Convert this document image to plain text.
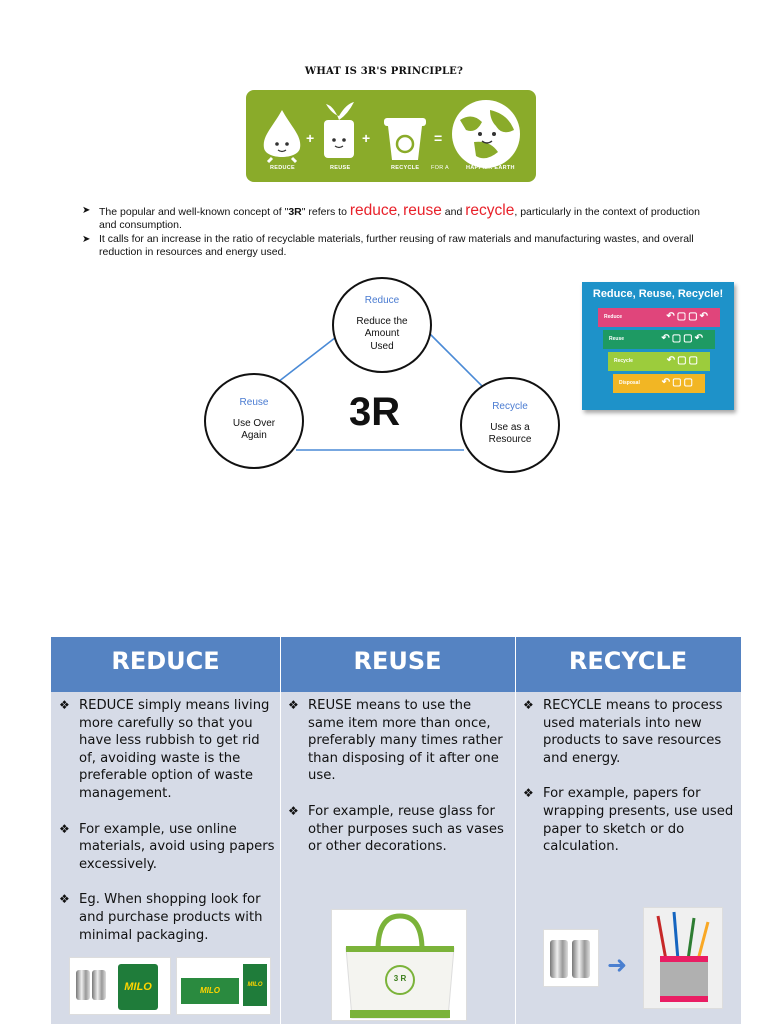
WHAT IS 3R'S PRINCIPLE?
+	+	=
REDUCE	REUSE	RECYCLE FOR A	HAPPIER EARTH
➤ The popular and well-known concept of "3R" refers to reduce, reuse and recycle, particularly in the context of production and consumption.
➤ It calls for an increase in the ratio of recyclable materials, further reusing of raw materials and manufacturing wastes, and overall reduction in resources and energy used.
Reduce
Reduce the Amount Used
Reuse
Use Over Again
Recycle
Use as a Resource
3R
Reduce, Reuse, Recycle!
Reduce	↶▢▢↶
Reuse	↶▢▢↶
Recycle	↶▢▢
Disposal ↶▢▢
REDUCE	REUSE	RECYCLE
❖ REDUCE simply means living more carefully so that you have less rubbish to get rid of, avoiding waste is the preferable option of waste management.
❖ For example, use online materials, avoid using papers excessively.
❖ Eg. When shopping look for and purchase products with minimal packaging.
❖ REUSE means to use the same item more than once, preferably many times rather than disposing of it after one use.
❖ For example, reuse glass for other purposes such as vases or other decorations.
❖ RECYCLE means to process used materials into new products to save resources and energy.
❖ For example, papers for wrapping presents, use used paper to sketch or do calculation.
MILO	MILO
MILO
3 R	➜
